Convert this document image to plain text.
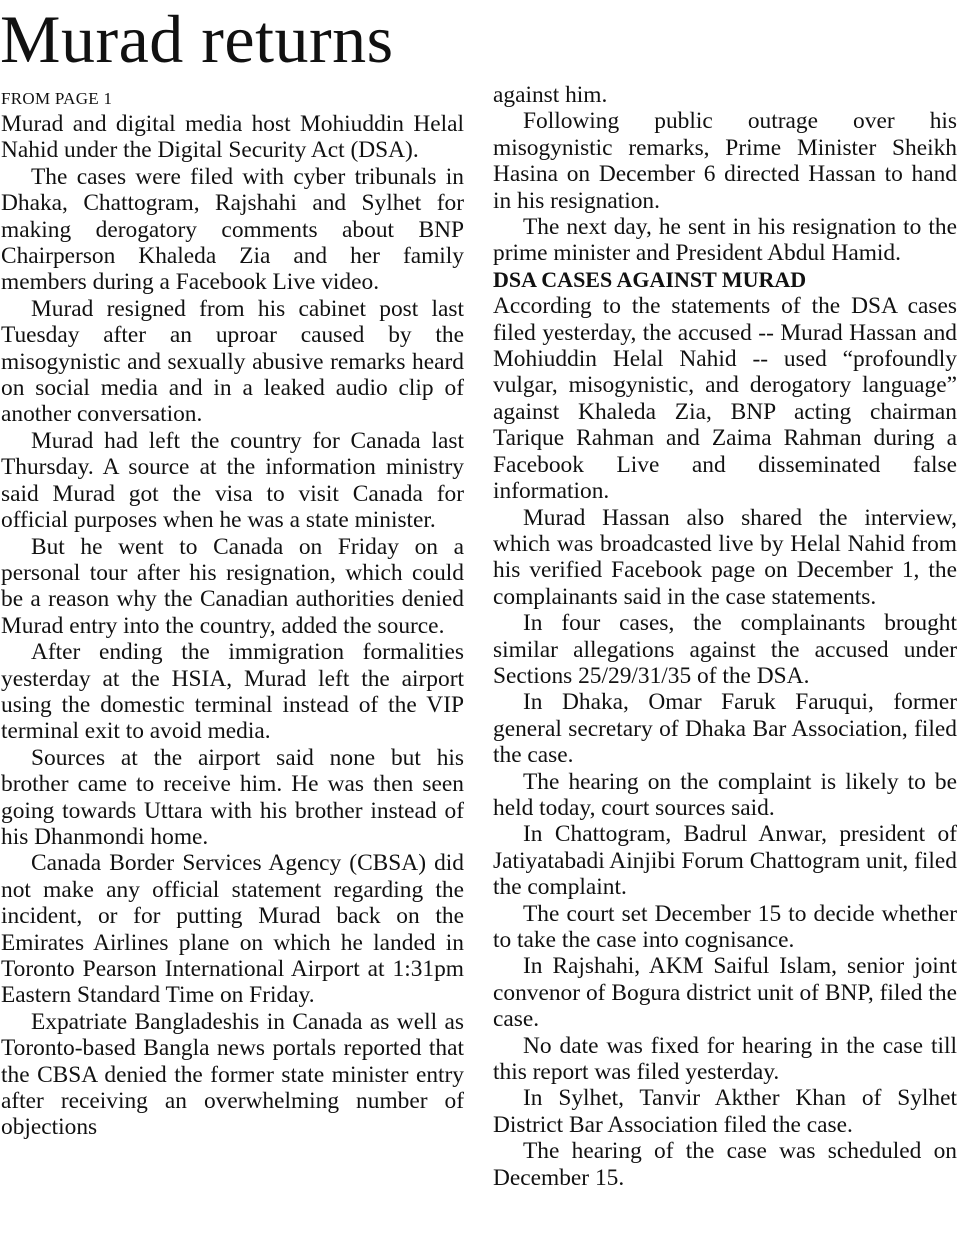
Murad returns
FROM PAGE 1

Murad and digital media host Mohiuddin Helal Nahid under the Digital Security Act (DSA).

The cases were filed with cyber tribunals in Dhaka, Chattogram, Rajshahi and Sylhet for making derogatory comments about BNP Chairperson Khaleda Zia and her family members during a Facebook Live video.

Murad resigned from his cabinet post last Tuesday after an uproar caused by the misogynistic and sexually abusive remarks heard on social media and in a leaked audio clip of another conversation.

Murad had left the country for Canada last Thursday. A source at the information ministry said Murad got the visa to visit Canada for official purposes when he was a state minister.

But he went to Canada on Friday on a personal tour after his resignation, which could be a reason why the Canadian authorities denied Murad entry into the country, added the source.

After ending the immigration formalities yesterday at the HSIA, Murad left the airport using the domestic terminal instead of the VIP terminal exit to avoid media.

Sources at the airport said none but his brother came to receive him. He was then seen going towards Uttara with his brother instead of his Dhanmondi home.

Canada Border Services Agency (CBSA) did not make any official statement regarding the incident, or for putting Murad back on the Emirates Airlines plane on which he landed in Toronto Pearson International Airport at 1:31pm Eastern Standard Time on Friday.

Expatriate Bangladeshis in Canada as well as Toronto-based Bangla news portals reported that the CBSA denied the former state minister entry after receiving an overwhelming number of objections

against him.

Following public outrage over his misogynistic remarks, Prime Minister Sheikh Hasina on December 6 directed Hassan to hand in his resignation.

The next day, he sent in his resignation to the prime minister and President Abdul Hamid.

DSA CASES AGAINST MURAD

According to the statements of the DSA cases filed yesterday, the accused -- Murad Hassan and Mohiuddin Helal Nahid -- used “profoundly vulgar, misogynistic, and derogatory language” against Khaleda Zia, BNP acting chairman Tarique Rahman and Zaima Rahman during a Facebook Live and disseminated false information.

Murad Hassan also shared the interview, which was broadcasted live by Helal Nahid from his verified Facebook page on December 1, the complainants said in the case statements.

In four cases, the complainants brought similar allegations against the accused under Sections 25/29/31/35 of the DSA.

In Dhaka, Omar Faruk Faruqui, former general secretary of Dhaka Bar Association, filed the case.

The hearing on the complaint is likely to be held today, court sources said.

In Chattogram, Badrul Anwar, president of Jatiyatabadi Ainjibi Forum Chattogram unit, filed the complaint.

The court set December 15 to decide whether to take the case into cognisance.

In Rajshahi, AKM Saiful Islam, senior joint convenor of Bogura district unit of BNP, filed the case.

No date was fixed for hearing in the case till this report was filed yesterday.

In Sylhet, Tanvir Akther Khan of Sylhet District Bar Association filed the case.

The hearing of the case was scheduled on December 15.
